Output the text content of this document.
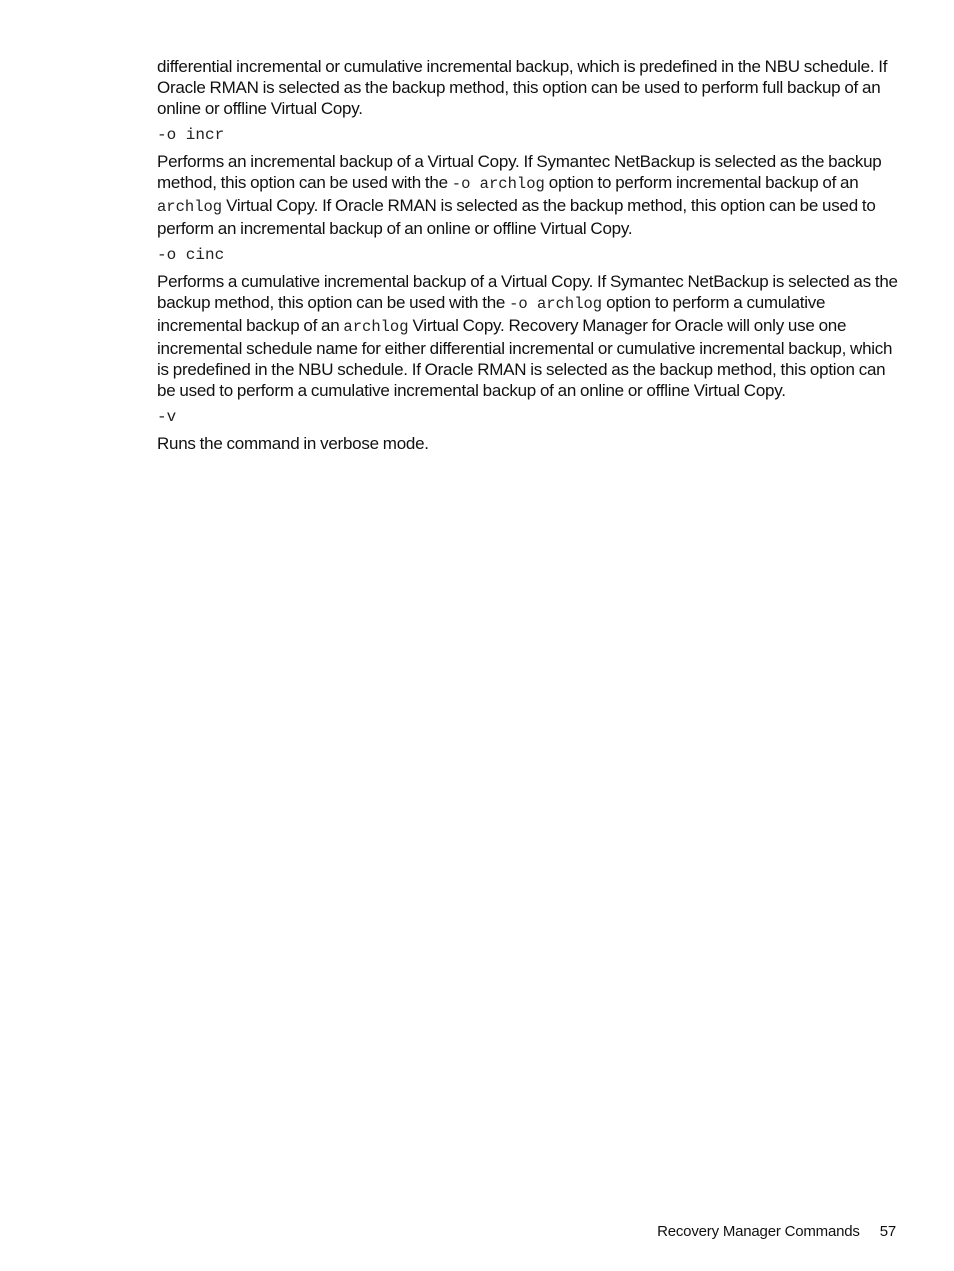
differential incremental or cumulative incremental backup, which is predefined in the NBU schedule. If Oracle RMAN is selected as the backup method, this option can be used to perform full backup of an online or offline Virtual Copy.

-o incr

Performs an incremental backup of a Virtual Copy. If Symantec NetBackup is selected as the backup method, this option can be used with the -o archlog option to perform incremental backup of an archlog Virtual Copy. If Oracle RMAN is selected as the backup method, this option can be used to perform an incremental backup of an online or offline Virtual Copy.

-o cinc

Performs a cumulative incremental backup of a Virtual Copy. If Symantec NetBackup is selected as the backup method, this option can be used with the -o archlog option to perform a cumulative incremental backup of an archlog Virtual Copy. Recovery Manager for Oracle will only use one incremental schedule name for either differential incremental or cumulative incremental backup, which is predefined in the NBU schedule. If Oracle RMAN is selected as the backup method, this option can be used to perform a cumulative incremental backup of an online or offline Virtual Copy.

-v

Runs the command in verbose mode.

Recovery Manager Commands 57
